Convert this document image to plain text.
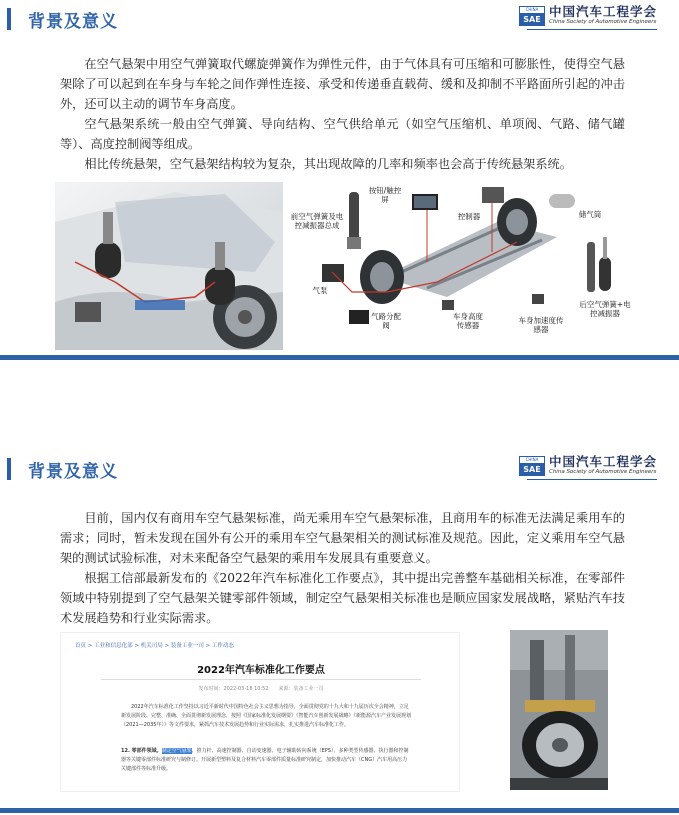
背景及意义
CHINA
SAE 中国汽车工程学会
China Society of Automotive Engineers

在空气悬架中用空气弹簧取代螺旋弹簧作为弹性元件，由于气体具有可压缩和可膨胀性，使得空气悬架除了可以起到在车身与车轮之间作弹性连接、承受和传递垂直载荷、缓和及抑制不平路面所引起的冲击外，还可以主动的调节车身高度。

空气悬架系统一般由空气弹簧、导向结构、空气供给单元（如空气压缩机、单项阀、气路、储气罐等）、高度控制阀等组成。

相比传统悬架，空气悬架结构较为复杂，其出现故障的几率和频率也会高于传统悬架系统。

前空气弹簧及电控减振器总成
按钮/触控屏
控制器	储气筒
气泵
气路分配阀
车身高度传感器
车身加速度传感器
后空气弹簧+电控减振器
背景及意义
CHINA
SAE 中国汽车工程学会
China Society of Automotive Engineers

目前，国内仅有商用车空气悬架标准，尚无乘用车空气悬架标准，且商用车的标准无法满足乘用车的需求；同时，暂未发现在国外有公开的乘用车空气悬架相关的测试标准及规范。因此，定义乘用车空气悬架的测试试验标准，对未来配备空气悬架的乘用车发展具有重要意义。

根据工信部最新发布的《2022年汽车标准化工作要点》，其中提出完善整车基础相关标准，在零部件领域中特别提到了空气悬架关键零部件领域，制定空气悬架相关标准也是顺应国家发展战略，紧贴汽车技术发展趋势和行业实际需求。

首页 > 工业和信息化部 > 机关司局 > 装备工业一司 > 工作动态
2022年汽车标准化工作要点
发布时间：2022-03-18 10:52　　来源：装备工业一司
2022年汽车标准化工作坚持以习近平新时代中国特色社会主义思想为指导，全面贯彻党的十九大和十九届历次全会精神，立足新发展阶段、完整、准确、全面贯彻新发展理念，按照《国家标准化发展纲要》《智能汽车创新发展战略》《新能源汽车产业发展规划（2021—2035年）》等文件要求，紧抓汽车技术发展趋势和行业实际需求，扎实推进汽车标准化工作。
12. 零部件领域。制定空气悬架、推力杆、高速控制器、自动变速器、电子辅助转向系统（EPS）、多种类型传感器、执行器和控制器等关键零部件标准研究与制修订。开展新型塑料及复合材料汽车零部件质量标准研究制定，加快推动汽车（CNG）汽车用高压力关键部件等标准升级。
